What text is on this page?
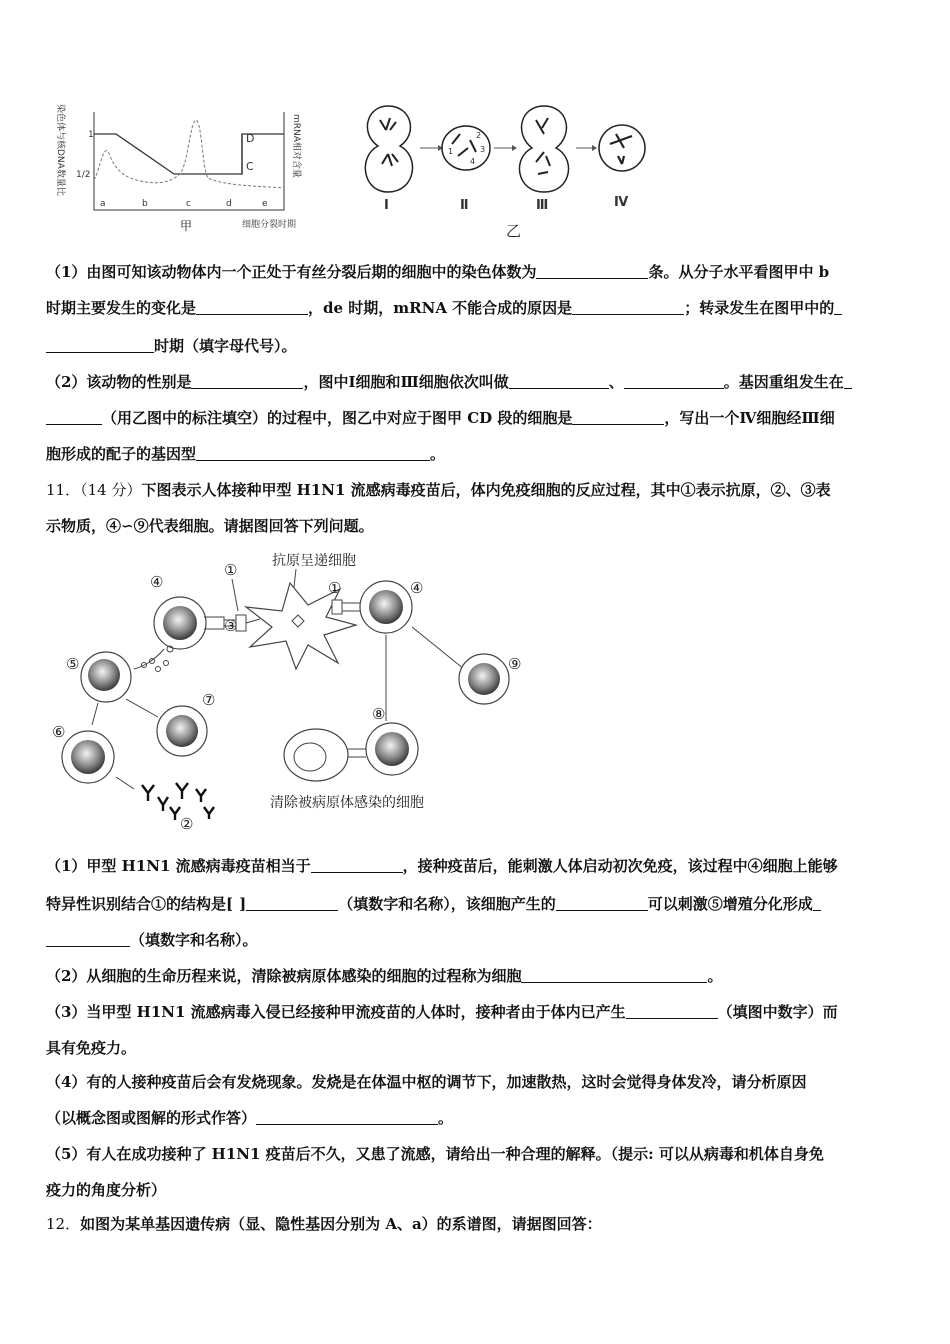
染色体与核DNA数量比	1
1/2
D
C	mRNA相对含量
a	b	c	d	e
甲	细胞分裂时期
Ⅰ
1
2
3
4
Ⅱ	Ⅲ	Ⅳ
乙
（1）由图可知该动物体内一个正处于有丝分裂后期的细胞中的染色体数为	条。从分子水平看图甲中 b
时期主要发生的变化是	，de 时期，mRNA 不能合成的原因是	；转录发生在图甲中的
时期（填字母代号）。
（2）该动物的性别是	，图中Ⅰ细胞和Ⅲ细胞依次叫做	、	。基因重组发生在
（用乙图中的标注填空）的过程中，图乙中对应于图甲 CD 段的细胞是	，写出一个Ⅳ细胞经Ⅲ细
胞形成的配子的基因型	。
11．（14 分）下图表示人体接种甲型 H1N1 流感病毒疫苗后，体内免疫细胞的反应过程，其中①表示抗原，②、③表
示物质，④∽⑨代表细胞。请据图回答下列问题。
抗原呈递细胞
④
①
③
④
①
⑤
⑥
⑦
②
⑨
⑧
清除被病原体感染的细胞
（1）甲型 H1N1 流感病毒疫苗相当于	，接种疫苗后，能刺激人体启动初次免疫，该过程中④细胞上能够
特异性识别结合①的结构是[ ]	（填数字和名称），该细胞产生的	可以刺激⑤增殖分化形成
（填数字和名称）。
（2）从细胞的生命历程来说，清除被病原体感染的细胞的过程称为细胞	。
（3）当甲型 H1N1 流感病毒入侵已经接种甲流疫苗的人体时，接种者由于体内已产生	（填图中数字）而
具有免疫力。
（4）有的人接种疫苗后会有发烧现象。发烧是在体温中枢的调节下，加速散热，这时会觉得身体发冷，请分析原因
（以概念图或图解的形式作答）	。
（5）有人在成功接种了 H1N1 疫苗后不久，又患了流感，请给出一种合理的解释。（提示: 可以从病毒和机体自身免
疫力的角度分析）
12．如图为某单基因遗传病（显、隐性基因分别为 A、a）的系谱图，请据图回答：
